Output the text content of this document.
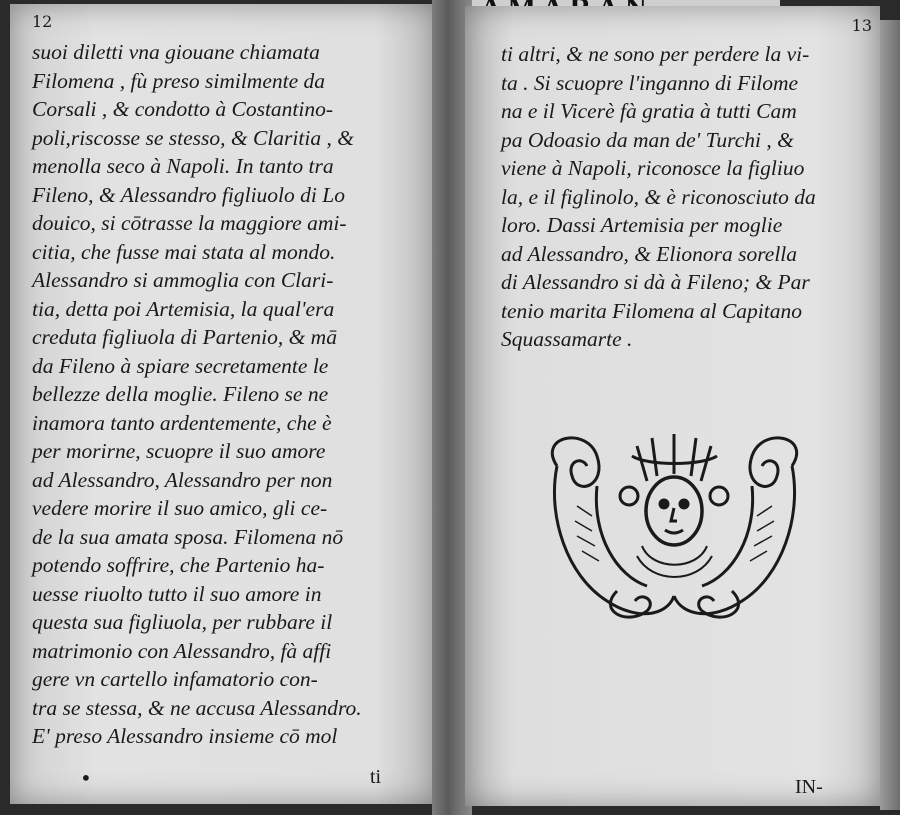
12
suoi diletti vna giouane chiamata
Filomena , fù preso similmente da
Corsali , & condotto à Costantino-
poli,riscosse se stesso, & Claritia , &
menolla seco à Napoli. In tanto tra
Fileno, & Alessandro figliuolo di Lo
douico, si cōtrasse la maggiore ami-
citia, che fusse mai stata al mondo.
Alessandro si ammoglia con Clari-
tia, detta poi Artemisia, la qual'era
creduta figliuola di Partenio, & mā
da Fileno à spiare secretamente le
bellezze della moglie. Fileno se ne
inamora tanto ardentemente, che è
per morirne, scuopre il suo amore
ad Alessandro, Alessandro per non
vedere morire il suo amico, gli ce-
de la sua amata sposa. Filomena nō
potendo soffrire, che Partenio ha-
uesse riuolto tutto il suo amore in
questa sua figliuola, per rubbare il
matrimonio con Alessandro, fà affi
gere vn cartello infamatorio con-
tra se stessa, & ne accusa Alessandro.
E' preso Alessandro insieme cō mol
•	ti
13
ti altri, & ne sono per perdere la vi-
ta . Si scuopre l'inganno di Filome
na e il Vicerè fà gratia à tutti Cam
pa Odoasio da man de' Turchi , &
viene à Napoli, riconosce la figliuo
la, e il figlinolo, & è riconosciuto da
loro. Dassi Artemisia per moglie
ad Alessandro, & Elionora sorella
di Alessandro si dà à Fileno; & Par
tenio marita Filomena al Capitano
Squassamarte .
IN-
